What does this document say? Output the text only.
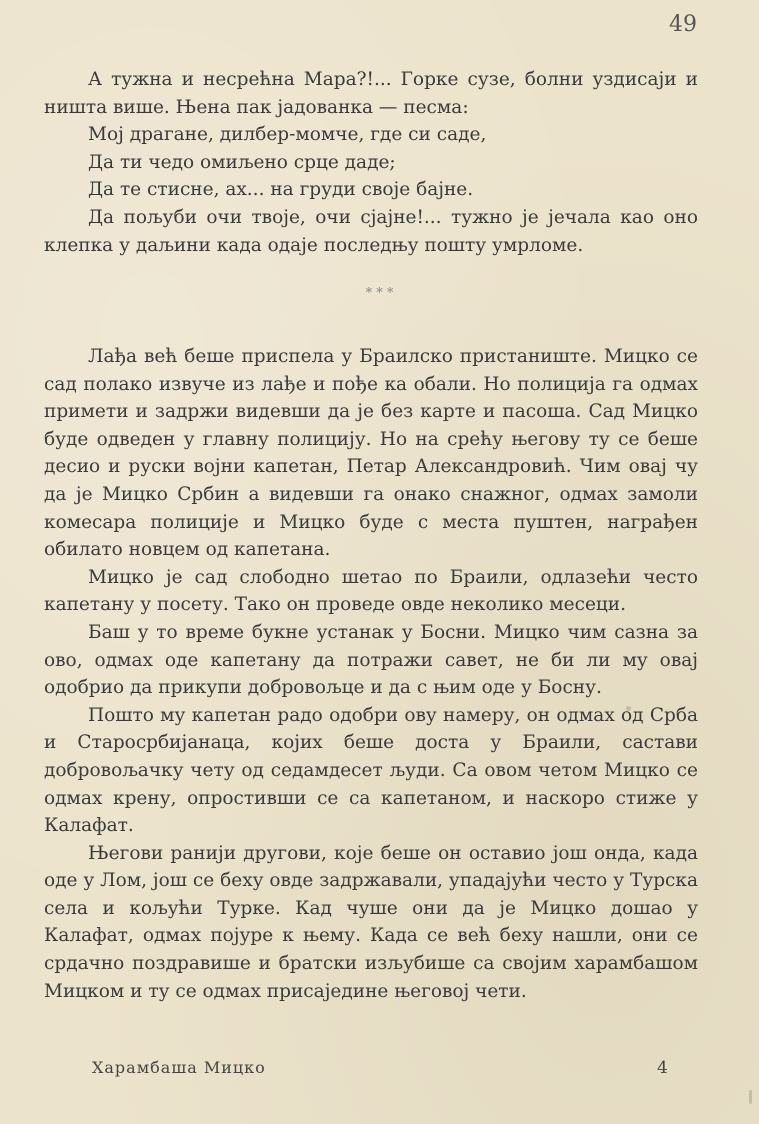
49

А тужна и несрећна Мара?!... Горке сузе, болни уздисаји и ништа више. Њена пак јадованка — песма:

Мој драгане, дилбер-момче, где си саде,

Да ти чедо омиљено срце даде;

Да те стисне, ах... на груди своје бајне.

Да пољуби очи твоје, очи сјајне!... тужно је јечала као оно клепка у даљини када одаје последњу пошту умрломе.

* * *

Лађа већ беше приспела у Браилско пристаниште. Мицко се сад полако извуче из лађе и пође ка обали. Но полиција га одмах примети и задржи видевши да је без карте и пасоша. Сад Мицко буде одведен у главну полицију. Но на срећу његову ту се беше десио и руски војни капетан, Петар Александровић. Чим овај чу да је Мицко Србин а видевши га онако снажног, одмах замоли комесара полиције и Мицко буде с места пуштен, награђен обилато новцем од капетана.

Мицко је сад слободно шетао по Браили, одлазећи често капетану у посету. Тако он проведе овде неколико месеци.

Баш у то време букне устанак у Босни. Мицко чим сазна за ово, одмах оде капетану да потражи савет, не би ли му овај одобрио да прикупи добровољце и да с њим оде у Босну.

Пошто му капетан радо одобри ову намеру, он одмах од Срба и Старосрбијанаца, којих беше доста у Браили, састави добровољачку чету од седамдесет људи. Са овом четом Мицко се одмах крену, опростивши се са капетаном, и наскоро стиже у Калафат.

Његови ранији другови, које беше он оставио још онда, када оде у Лом, још се беху овде задржавали, упадајући често у Турска села и кољући Турке. Кад чуше они да је Мицко дошао у Калафат, одмах појуре к њему. Када се већ беху нашли, они се срдачно поздравише и братски изљубише са својим харамбашом Мицком и ту се одмах присаједине његовој чети.

Харамбаша Мицко	4
